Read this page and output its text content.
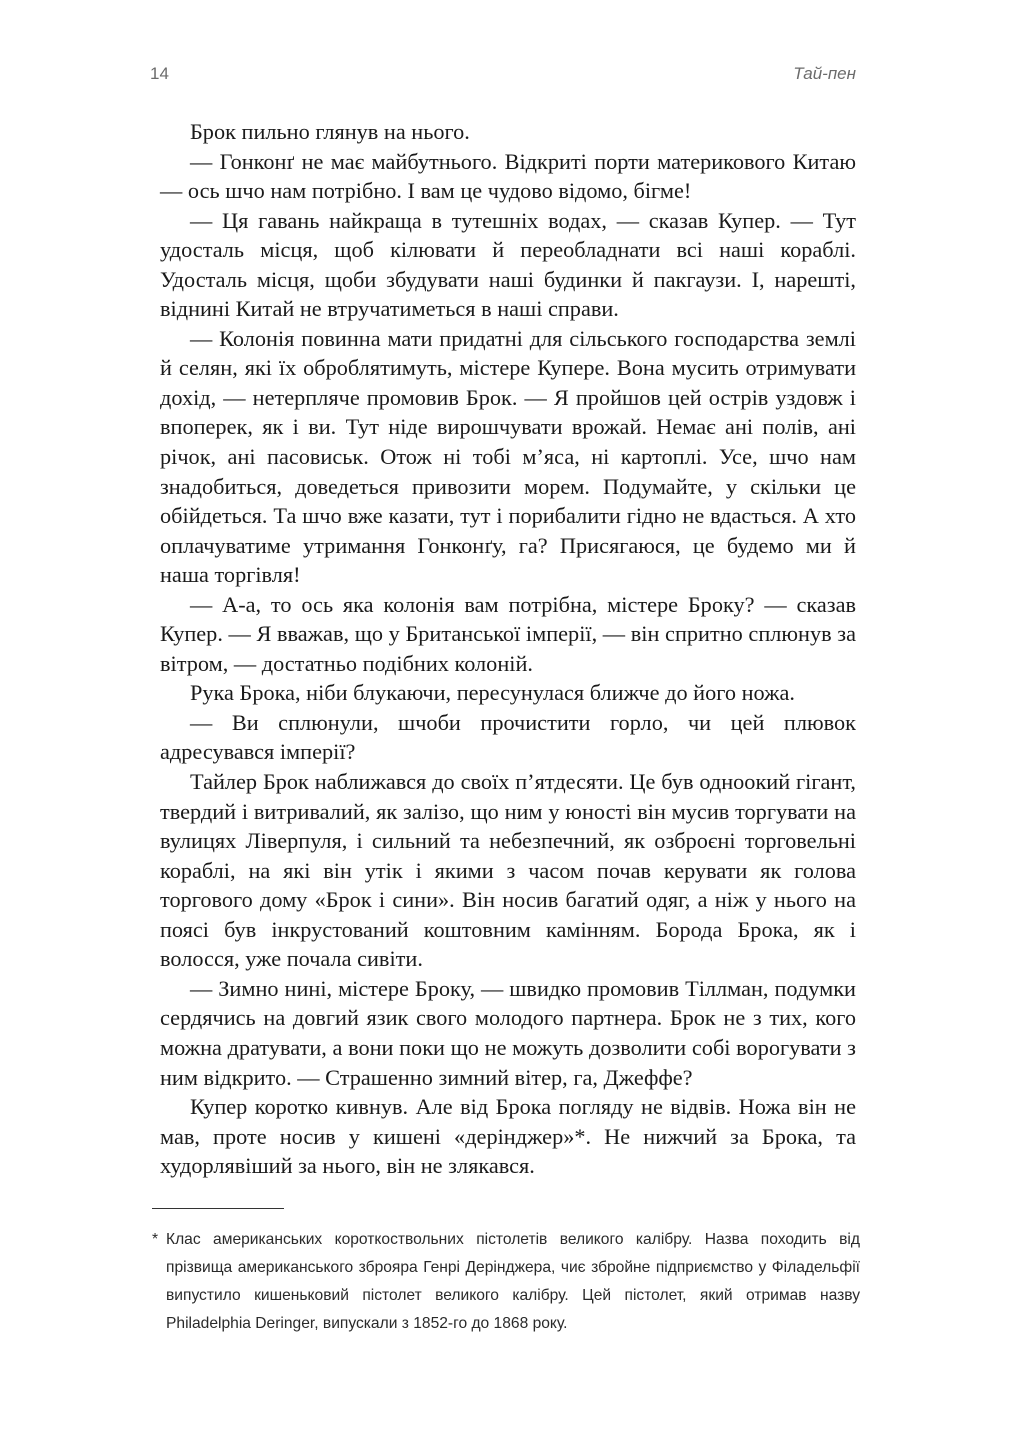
14	Тай-пен

Брок пильно глянув на нього.

— Гонконґ не має майбутнього. Відкриті порти материкового Китаю — ось шчо нам потрібно. І вам це чудово відомо, бігме!

— Ця гавань найкраща в тутешніх водах, — сказав Купер. — Тут удосталь місця, щоб кілювати й переобладнати всі наші кораблі. Удосталь місця, щоби збудувати наші будинки й пакгаузи. І, нарешті, віднині Китай не втручатиметься в наші справи.

— Колонія повинна мати придатні для сільського господарства землі й селян, які їх оброблятимуть, містере Купере. Вона мусить отримувати дохід, — нетерпляче промовив Брок. — Я пройшов цей острів уздовж і впоперек, як і ви. Тут ніде вирошчувати врожай. Немає ані полів, ані річок, ані пасовиськ. Отож ні тобі м’яса, ні картоплі. Усе, шчо нам знадобиться, доведеться привозити морем. Подумайте, у скільки це обійдеться. Та шчо вже казати, тут і порибалити гідно не вдасться. А хто оплачуватиме утримання Гонконґу, га? Присягаюся, це будемо ми й наша торгівля!

— А-а, то ось яка колонія вам потрібна, містере Броку? — сказав Купер. — Я вважав, що у Британської імперії, — він спритно сплюнув за вітром, — достатньо подібних колоній.

Рука Брока, ніби блукаючи, пересунулася ближче до його ножа.

— Ви сплюнули, шчоби прочистити горло, чи цей плювок адресувався імперії?

Тайлер Брок наближався до своїх п’ятдесяти. Це був одноокий гігант, твердий і витривалий, як залізо, що ним у юності він мусив торгувати на вулицях Ліверпуля, і сильний та небезпечний, як озброєні торговельні кораблі, на які він утік і якими з часом почав керувати як голова торгового дому «Брок і сини». Він носив багатий одяг, а ніж у нього на поясі був інкрустований коштовним камінням. Борода Брока, як і волосся, уже почала сивіти.

— Зимно нині, містере Броку, — швидко промовив Тіллман, подумки сердячись на довгий язик свого молодого партнера. Брок не з тих, кого можна дратувати, а вони поки що не можуть дозволити собі ворогувати з ним відкрито. — Страшенно зимний вітер, га, Джеффе?

Купер коротко кивнув. Але від Брока погляду не відвів. Ножа він не мав, проте носив у кишені «дерінджер»*. Не нижчий за Брока, та худорлявіший за нього, він не злякався.

* Клас американських короткоствольних пістолетів великого калібру. Назва походить від прізвища американського зброяра Генрі Дерінджера, чиє збройне підприємство у Філадельфії випустило кишеньковий пістолет великого калібру. Цей пістолет, який отримав назву Philadelphia Deringer, випускали з 1852-го до 1868 року.
